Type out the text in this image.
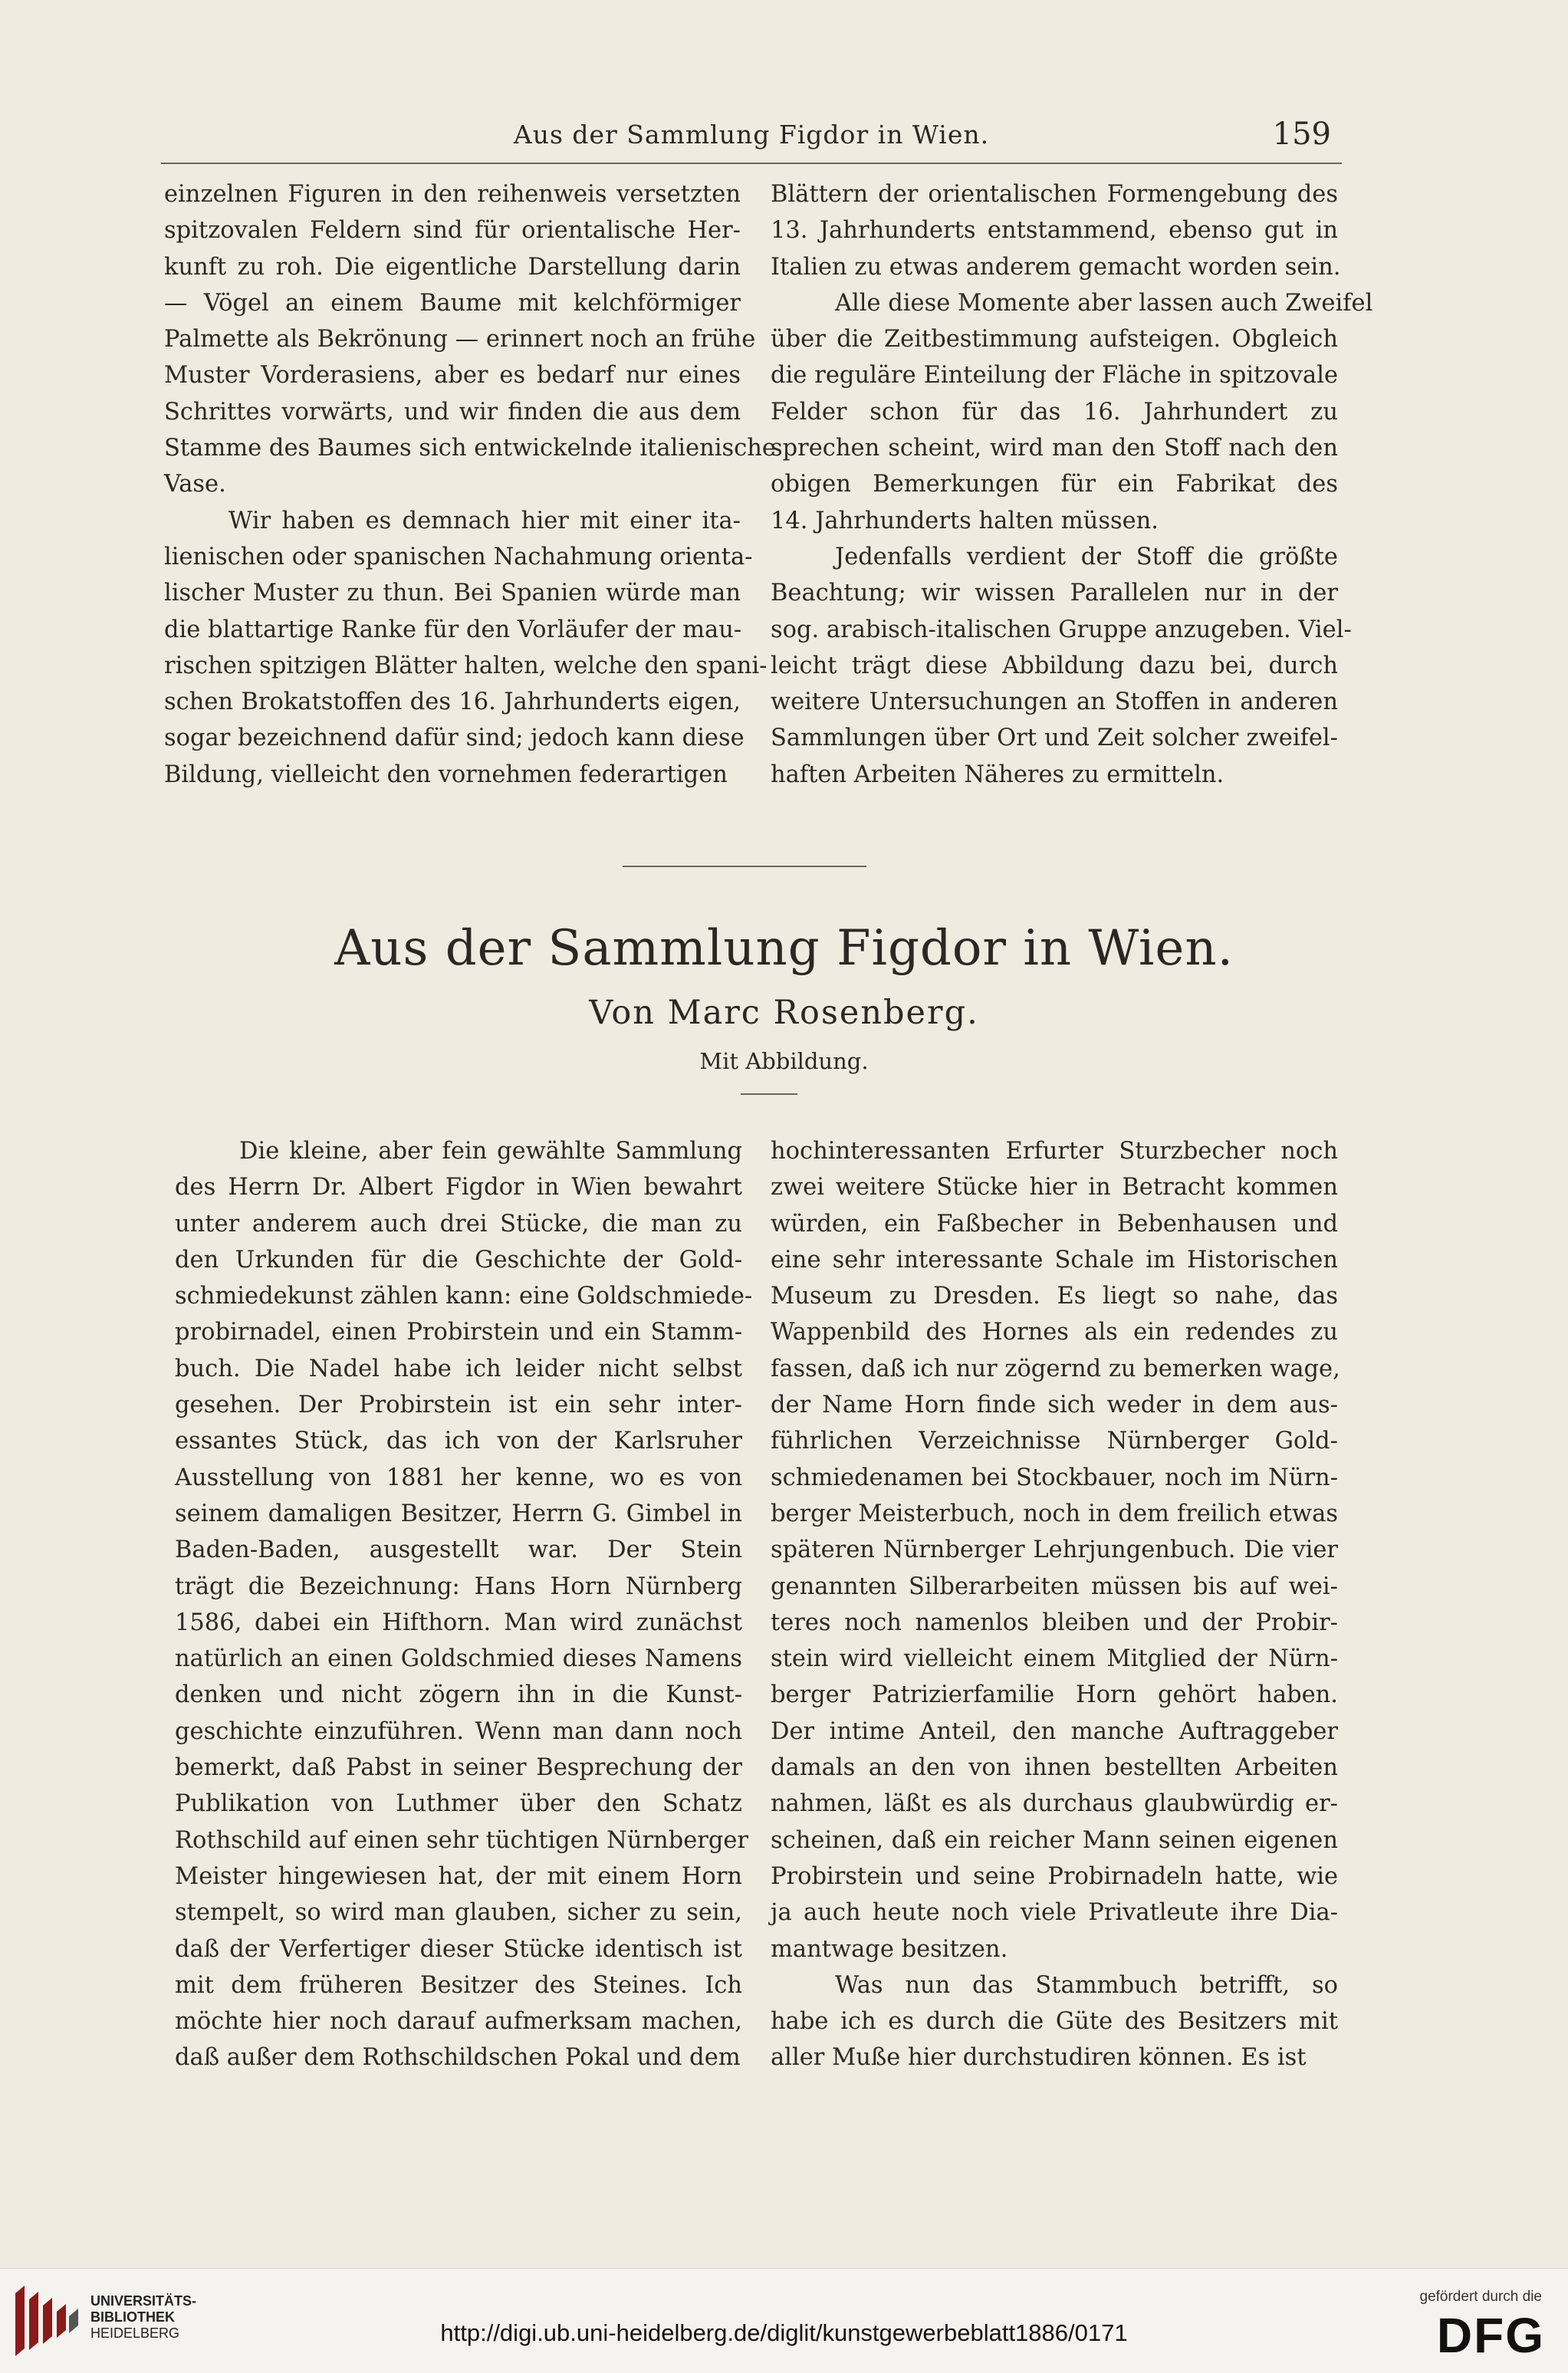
Aus der Sammlung Figdor in Wien.	159

einzelnen Figuren in den reihenweis versetzten
spitzovalen Feldern sind für orientalische Her-
kunft zu roh. Die eigentliche Darstellung darin
— Vögel an einem Baume mit kelchförmiger
Palmette als Bekrönung — erinnert noch an frühe
Muster Vorderasiens, aber es bedarf nur eines
Schrittes vorwärts, und wir finden die aus dem
Stamme des Baumes sich entwickelnde italienische
Vase.

Wir haben es demnach hier mit einer ita-
lienischen oder spanischen Nachahmung orienta-
lischer Muster zu thun. Bei Spanien würde man
die blattartige Ranke für den Vorläufer der mau-
rischen spitzigen Blätter halten, welche den spani-
schen Brokatstoffen des 16. Jahrhunderts eigen,
sogar bezeichnend dafür sind; jedoch kann diese
Bildung, vielleicht den vornehmen federartigen

Blättern der orientalischen Formengebung des
13. Jahrhunderts entstammend, ebenso gut in
Italien zu etwas anderem gemacht worden sein.

Alle diese Momente aber lassen auch Zweifel
über die Zeitbestimmung aufsteigen. Obgleich
die reguläre Einteilung der Fläche in spitzovale
Felder schon für das 16. Jahrhundert zu
sprechen scheint, wird man den Stoff nach den
obigen Bemerkungen für ein Fabrikat des
14. Jahrhunderts halten müssen.

Jedenfalls verdient der Stoff die größte
Beachtung; wir wissen Parallelen nur in der
sog. arabisch-italischen Gruppe anzugeben. Viel-
leicht trägt diese Abbildung dazu bei, durch
weitere Untersuchungen an Stoffen in anderen
Sammlungen über Ort und Zeit solcher zweifel-
haften Arbeiten Näheres zu ermitteln.

Aus der Sammlung Figdor in Wien.
Von Marc Rosenberg.
Mit Abbildung.

Die kleine, aber fein gewählte Sammlung
des Herrn Dr. Albert Figdor in Wien bewahrt
unter anderem auch drei Stücke, die man zu
den Urkunden für die Geschichte der Gold-
schmiedekunst zählen kann: eine Goldschmiede-
probirnadel, einen Probirstein und ein Stamm-
buch. Die Nadel habe ich leider nicht selbst
gesehen. Der Probirstein ist ein sehr inter-
essantes Stück, das ich von der Karlsruher
Ausstellung von 1881 her kenne, wo es von
seinem damaligen Besitzer, Herrn G. Gimbel in
Baden-Baden, ausgestellt war. Der Stein
trägt die Bezeichnung: Hans Horn Nürnberg
1586, dabei ein Hifthorn. Man wird zunächst
natürlich an einen Goldschmied dieses Namens
denken und nicht zögern ihn in die Kunst-
geschichte einzuführen. Wenn man dann noch
bemerkt, daß Pabst in seiner Besprechung der
Publikation von Luthmer über den Schatz
Rothschild auf einen sehr tüchtigen Nürnberger
Meister hingewiesen hat, der mit einem Horn
stempelt, so wird man glauben, sicher zu sein,
daß der Verfertiger dieser Stücke identisch ist
mit dem früheren Besitzer des Steines. Ich
möchte hier noch darauf aufmerksam machen,
daß außer dem Rothschildschen Pokal und dem

hochinteressanten Erfurter Sturzbecher noch
zwei weitere Stücke hier in Betracht kommen
würden, ein Faßbecher in Bebenhausen und
eine sehr interessante Schale im Historischen
Museum zu Dresden. Es liegt so nahe, das
Wappenbild des Hornes als ein redendes zu
fassen, daß ich nur zögernd zu bemerken wage,
der Name Horn finde sich weder in dem aus-
führlichen Verzeichnisse Nürnberger Gold-
schmiedenamen bei Stockbauer, noch im Nürn-
berger Meisterbuch, noch in dem freilich etwas
späteren Nürnberger Lehrjungenbuch. Die vier
genannten Silberarbeiten müssen bis auf wei-
teres noch namenlos bleiben und der Probir-
stein wird vielleicht einem Mitglied der Nürn-
berger Patrizierfamilie Horn gehört haben.
Der intime Anteil, den manche Auftraggeber
damals an den von ihnen bestellten Arbeiten
nahmen, läßt es als durchaus glaubwürdig er-
scheinen, daß ein reicher Mann seinen eigenen
Probirstein und seine Probirnadeln hatte, wie
ja auch heute noch viele Privatleute ihre Dia-
mantwage besitzen.

Was nun das Stammbuch betrifft, so
habe ich es durch die Güte des Besitzers mit
aller Muße hier durchstudiren können. Es ist

UNIVERSITÄTS-
BIBLIOTHEK
HEIDELBERG	http://digi.ub.uni-heidelberg.de/diglit/kunstgewerbeblatt1886/0171
gefördert durch die
DFG
